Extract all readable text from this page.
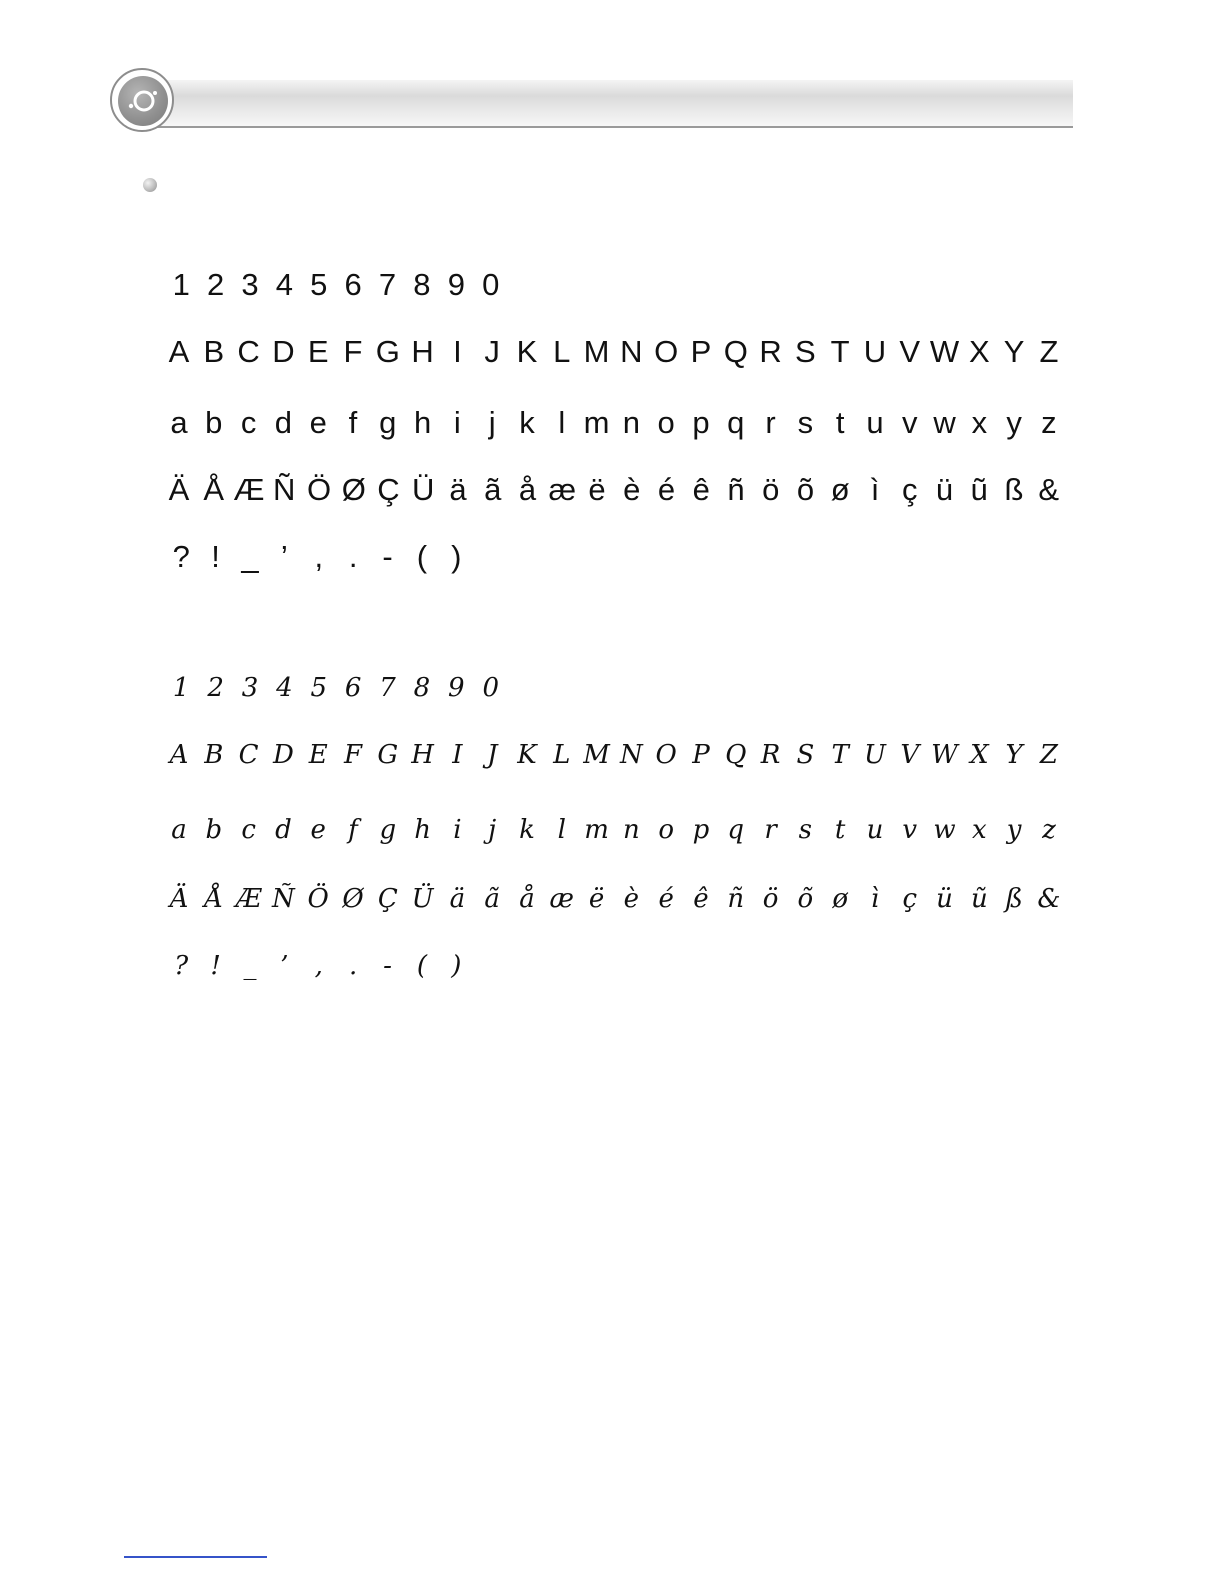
1 2 3 4 5 6 7 8 9 0
A B C D E F G H I J K L M N O P Q R S T U V W X Y Z
a b c d e f g h i j k l m n o p q r s t u v w x y z
Ä Å Æ Ñ Ö Ø Ç Ü ä ã å æ ë è é ê ñ ö õ ø ì ç ü ũ ß &
? ! _ ’ , . - ( )
1 2 3 4 5 6 7 8 9 0
A B C D E F G H I J K L M N O P Q R S T U V W X Y Z
a b c d e f g h i	j k l m n o p q r s t u v w x y z
Ä Å Æ Ñ Ö Ø Ç Ü ä ã å æ ë è é ê ñ ö õ ø ì ç ü ũ ß &
? ! _ ’	,	. - ( )
